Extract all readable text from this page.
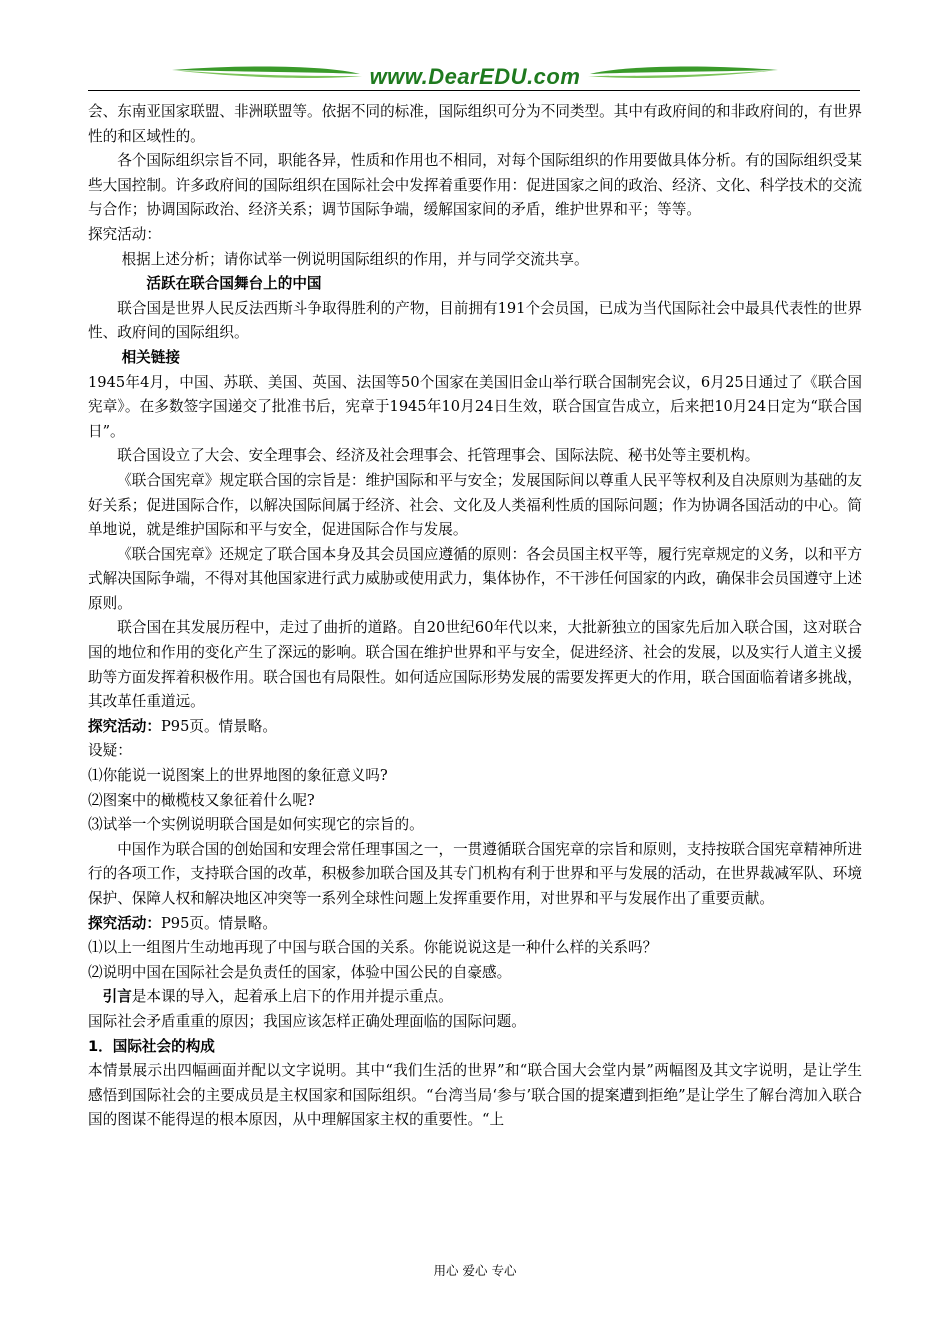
www.DearEDU.com

会、东南亚国家联盟、非洲联盟等。依据不同的标准，国际组织可分为不同类型。其中有政府间的和非政府间的，有世界性的和区域性的。

各个国际组织宗旨不同，职能各异，性质和作用也不相同，对每个国际组织的作用要做具体分析。有的国际组织受某些大国控制。许多政府间的国际组织在国际社会中发挥着重要作用：促进国家之间的政治、经济、文化、科学技术的交流与合作；协调国际政治、经济关系；调节国际争端，缓解国家间的矛盾，维护世界和平；等等。

探究活动：

根据上述分析；请你试举一例说明国际组织的作用，并与同学交流共享。

活跃在联合国舞台上的中国

联合国是世界人民反法西斯斗争取得胜利的产物，目前拥有191个会员国，已成为当代国际社会中最具代表性的世界性、政府间的国际组织。

相关链接

1945年4月，中国、苏联、美国、英国、法国等50个国家在美国旧金山举行联合国制宪会议，6月25日通过了《联合国宪章》。在多数签字国递交了批准书后，宪章于1945年10月24日生效，联合国宣告成立，后来把10月24日定为“联合国日”。

联合国设立了大会、安全理事会、经济及社会理事会、托管理事会、国际法院、秘书处等主要机构。

《联合国宪章》规定联合国的宗旨是：维护国际和平与安全；发展国际间以尊重人民平等权利及自决原则为基础的友好关系；促进国际合作，以解决国际间属于经济、社会、文化及人类福利性质的国际问题；作为协调各国活动的中心。简单地说，就是维护国际和平与安全，促进国际合作与发展。

《联合国宪章》还规定了联合国本身及其会员国应遵循的原则：各会员国主权平等，履行宪章规定的义务，以和平方式解决国际争端，不得对其他国家进行武力威胁或使用武力，集体协作，不干涉任何国家的内政，确保非会员国遵守上述原则。

联合国在其发展历程中，走过了曲折的道路。自20世纪60年代以来，大批新独立的国家先后加入联合国，这对联合国的地位和作用的变化产生了深远的影响。联合国在维护世界和平与安全，促进经济、社会的发展，以及实行人道主义援助等方面发挥着积极作用。联合国也有局限性。如何适应国际形势发展的需要发挥更大的作用，联合国面临着诸多挑战，其改革任重道远。

探究活动：P95页。情景略。

设疑：

⑴你能说一说图案上的世界地图的象征意义吗?

⑵图案中的橄榄枝又象征着什么呢?

⑶试举一个实例说明联合国是如何实现它的宗旨的。

中国作为联合国的创始国和安理会常任理事国之一，一贯遵循联合国宪章的宗旨和原则，支持按联合国宪章精神所进行的各项工作，支持联合国的改革，积极参加联合国及其专门机构有利于世界和平与发展的活动，在世界裁减军队、环境保护、保障人权和解决地区冲突等一系列全球性问题上发挥重要作用，对世界和平与发展作出了重要贡献。

探究活动：P95页。情景略。

⑴以上一组图片生动地再现了中国与联合国的关系。你能说说这是一种什么样的关系吗？

⑵说明中国在国际社会是负责任的国家，体验中国公民的自豪感。

引言是本课的导入，起着承上启下的作用并提示重点。

国际社会矛盾重重的原因；我国应该怎样正确处理面临的国际问题。

1．国际社会的构成

本情景展示出四幅画面并配以文字说明。其中“我们生活的世界”和“联合国大会堂内景”两幅图及其文字说明，是让学生感悟到国际社会的主要成员是主权国家和国际组织。“台湾当局‘参与’联合国的提案遭到拒绝”是让学生了解台湾加入联合国的图谋不能得逞的根本原因，从中理解国家主权的重要性。“上

用心 爱心 专心
